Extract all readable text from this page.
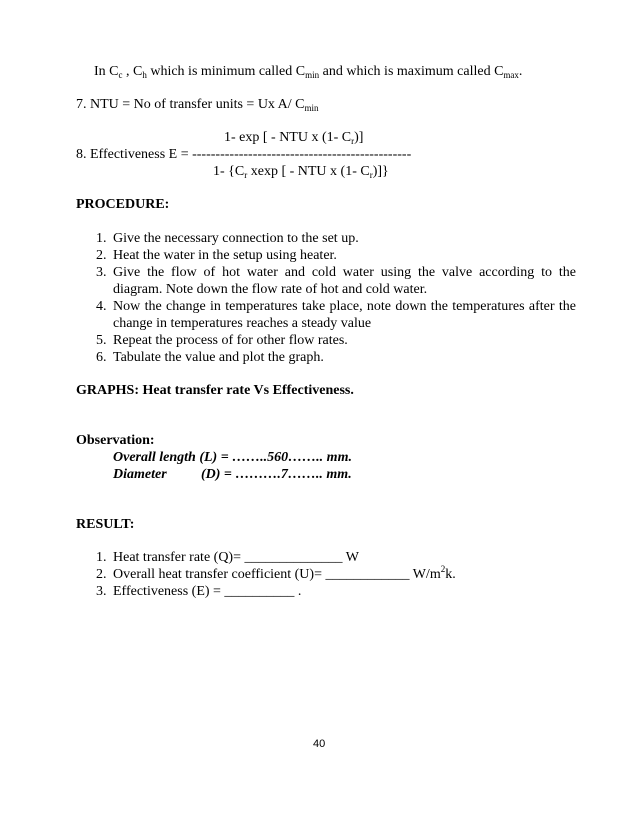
In $C_c$ , $C_h$ which is minimum called $C_{min}$ and which is maximum called $C_{max}$.
7. NTU = No of transfer units = Ux A/ $C_{min}$
1- exp [ - NTU x (1- $C_r$)]
8. Effectiveness E = -----------------------------------------------
1- {$C_r$ xexp [ - NTU x (1- $C_r$)]}
PROCEDURE:

1. Give the necessary connection to the set up.

2. Heat the water in the setup using heater.

3. Give the flow of hot water and cold water using the valve according to the diagram. Note down the flow rate of hot and cold water.

4. Now the change in temperatures take place, note down the temperatures after the change in temperatures reaches a steady value

5. Repeat the process of for other flow rates.

6. Tabulate the value and plot the graph.

GRAPHS: Heat transfer rate Vs Effectiveness.
Observation:
Overall length (L) = ……..560…….. mm.
Diameter (D) = ……….7…….. mm.
RESULT:

1. Heat transfer rate (Q)= ______________ W

2. Overall heat transfer coefficient (U)= ____________ $W/m^2k$.

3. Effectiveness (E) = __________ .

40
